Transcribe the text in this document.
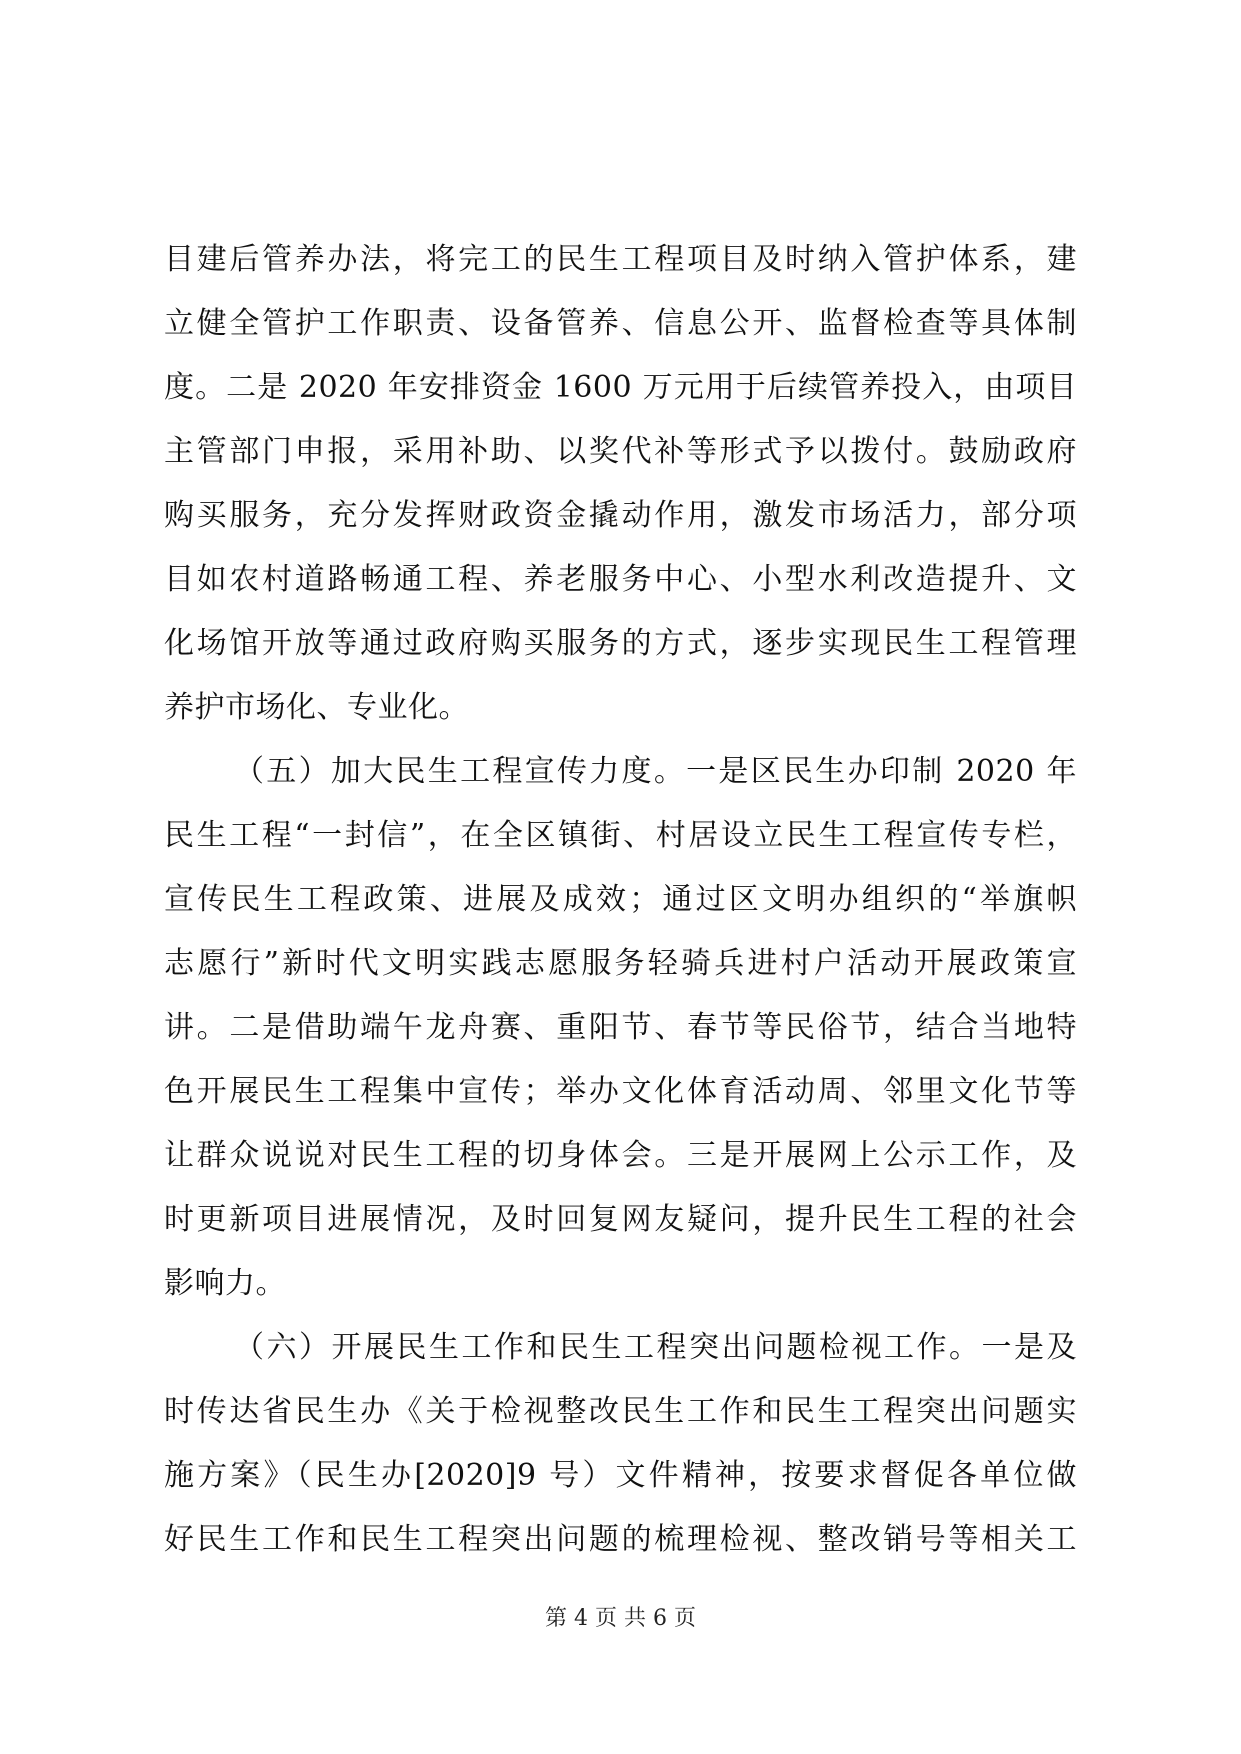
目建后管养办法，将完工的民生工程项目及时纳入管护体系，建
立健全管护工作职责、设备管养、信息公开、监督检查等具体制
度。二是 2020 年安排资金 1600 万元用于后续管养投入，由项目
主管部门申报，采用补助、以奖代补等形式予以拨付。鼓励政府
购买服务，充分发挥财政资金撬动作用，激发市场活力，部分项
目如农村道路畅通工程、养老服务中心、小型水利改造提升、文
化场馆开放等通过政府购买服务的方式，逐步实现民生工程管理
养护市场化、专业化。
（五）加大民生工程宣传力度。一是区民生办印制 2020 年
民生工程“一封信”，在全区镇街、村居设立民生工程宣传专栏，
宣传民生工程政策、进展及成效；通过区文明办组织的“举旗帜
志愿行”新时代文明实践志愿服务轻骑兵进村户活动开展政策宣
讲。二是借助端午龙舟赛、重阳节、春节等民俗节，结合当地特
色开展民生工程集中宣传；举办文化体育活动周、邻里文化节等
让群众说说对民生工程的切身体会。三是开展网上公示工作，及
时更新项目进展情况，及时回复网友疑问，提升民生工程的社会
影响力。
（六）开展民生工作和民生工程突出问题检视工作。一是及
时传达省民生办《关于检视整改民生工作和民生工程突出问题实
施方案》（民生办[2020]9 号）文件精神，按要求督促各单位做
好民生工作和民生工程突出问题的梳理检视、整改销号等相关工
第 4 页 共 6 页
